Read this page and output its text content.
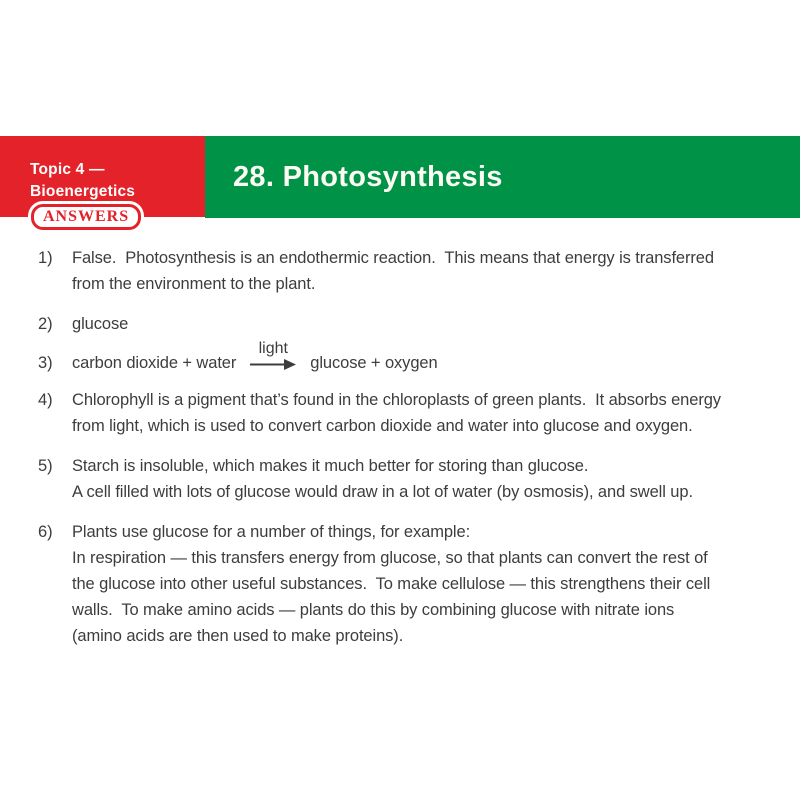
Topic 4 —
Bioenergetics	28. Photosynthesis
ANSWERS
1)	False.  Photosynthesis is an endothermic reaction.  This means that energy is transferred
from the environment to the plant.
2)	glucose
3)	carbon dioxide + water
light
glucose + oxygen
4)	Chlorophyll is a pigment that’s found in the chloroplasts of green plants.  It absorbs energy
from light, which is used to convert carbon dioxide and water into glucose and oxygen.
5)	Starch is insoluble, which makes it much better for storing than glucose.
A cell filled with lots of glucose would draw in a lot of water (by osmosis), and swell up.
6)	Plants use glucose for a number of things, for example:
In respiration — this transfers energy from glucose, so that plants can convert the rest of
the glucose into other useful substances.  To make cellulose — this strengthens their cell
walls.  To make amino acids — plants do this by combining glucose with nitrate ions
(amino acids are then used to make proteins).
